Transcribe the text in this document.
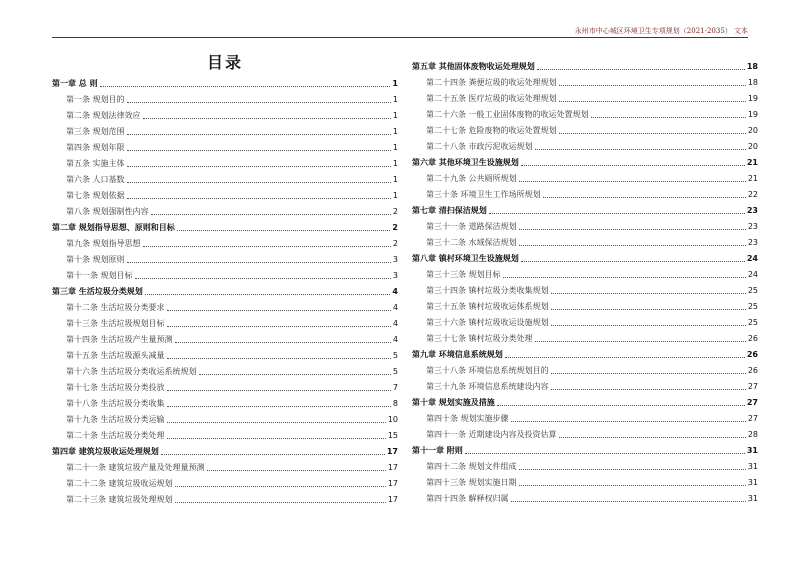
永州市中心城区环境卫生专项规划（2021-2035） 文本
目录
第一章 总 则	1
第一条 规划目的	1
第二条 规划法律效应	1
第三条 规划范围	1
第四条 规划年限	1
第五条 实施主体	1
第六条 人口基数	1
第七条 规划依据	1
第八条 规划强制性内容	2
第二章 规划指导思想、原则和目标	2
第九条 规划指导思想	2
第十条 规划原则	3
第十一条 规划目标	3
第三章 生活垃圾分类规划	4
第十二条 生活垃圾分类要求	4
第十三条 生活垃圾规划目标	4
第十四条 生活垃圾产生量预测	4
第十五条 生活垃圾源头减量	5
第十六条 生活垃圾分类收运系统规划	5
第十七条 生活垃圾分类投放	7
第十八条 生活垃圾分类收集	8
第十九条 生活垃圾分类运输	10
第二十条 生活垃圾分类处理	15
第四章 建筑垃圾收运处理规划	17
第二十一条 建筑垃圾产量及处理量预测	17
第二十二条 建筑垃圾收运规划	17
第二十三条 建筑垃圾处理规划	17
第五章 其他固体废物收运处理规划	18
第二十四条 粪便垃圾的收运处理规划	18
第二十五条 医疗垃圾的收运处理规划	19
第二十六条 一般工业固体废物的收运处置规划	19
第二十七条 危险废物的收运处置规划	20
第二十八条 市政污泥收运规划	20
第六章 其他环境卫生设施规划	21
第二十九条 公共厕所规划	21
第三十条 环境卫生工作场所规划	22
第七章 清扫保洁规划	23
第三十一条 道路保洁规划	23
第三十二条 水域保洁规划	23
第八章 镇村环境卫生设施规划	24
第三十三条 规划目标	24
第三十四条 镇村垃圾分类收集规划	25
第三十五条 镇村垃圾收运体系规划	25
第三十六条 镇村垃圾收运设施规划	25
第三十七条 镇村垃圾分类处理	26
第九章 环境信息系统规划	26
第三十八条 环境信息系统规划目的	26
第三十九条 环境信息系统建设内容	27
第十章 规划实施及措施	27
第四十条 规划实施步骤	27
第四十一条 近期建设内容及投资估算	28
第十一章 附则	31
第四十二条 规划文件组成	31
第四十三条 规划实施日期	31
第四十四条 解释权归属	31
